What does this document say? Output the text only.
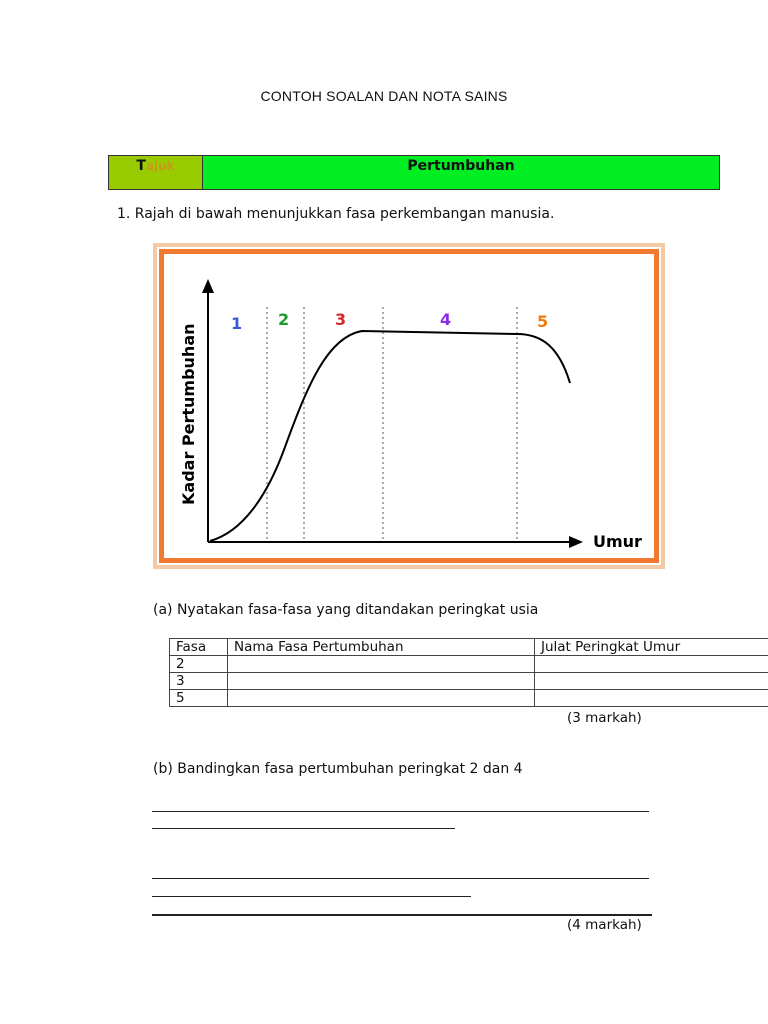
CONTOH SOALAN DAN NOTA SAINS
Tajuk	Pertumbuhan
1. Rajah di bawah menunjukkan fasa perkembangan manusia.
1 2	3	4	5
Umur
Kadar Pertumbuhan
(a) Nyatakan fasa-fasa yang ditandakan peringkat usia
Fasa	Nama Fasa Pertumbuhan	Julat Peringkat Umur
2		
3		
5		
(3 markah)
(b) Bandingkan fasa pertumbuhan peringkat 2 dan 4
(4 markah)
